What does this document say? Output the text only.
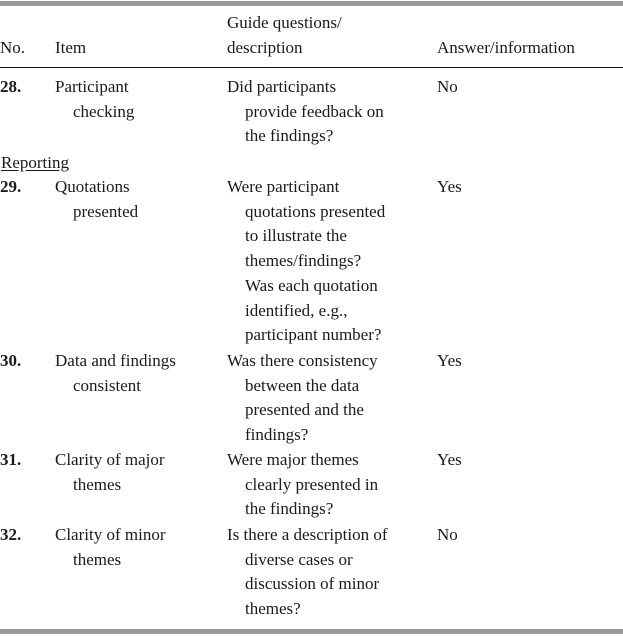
No. Item
Guide questions/
description	Answer/information
28. Participant
checking
Did participants
provide feedback on
the findings?
No
Reporting
29. Quotations
presented
Were participant
quotations presented
to illustrate the
themes/findings?
Was each quotation
identified, e.g.,
participant number?
Yes
30. Data and findings
consistent
Was there consistency
between the data
presented and the
findings?
Yes
31. Clarity of major
themes
Were major themes
clearly presented in
the findings?
Yes
32. Clarity of minor
themes
Is there a description of
diverse cases or
discussion of minor
themes?
No
